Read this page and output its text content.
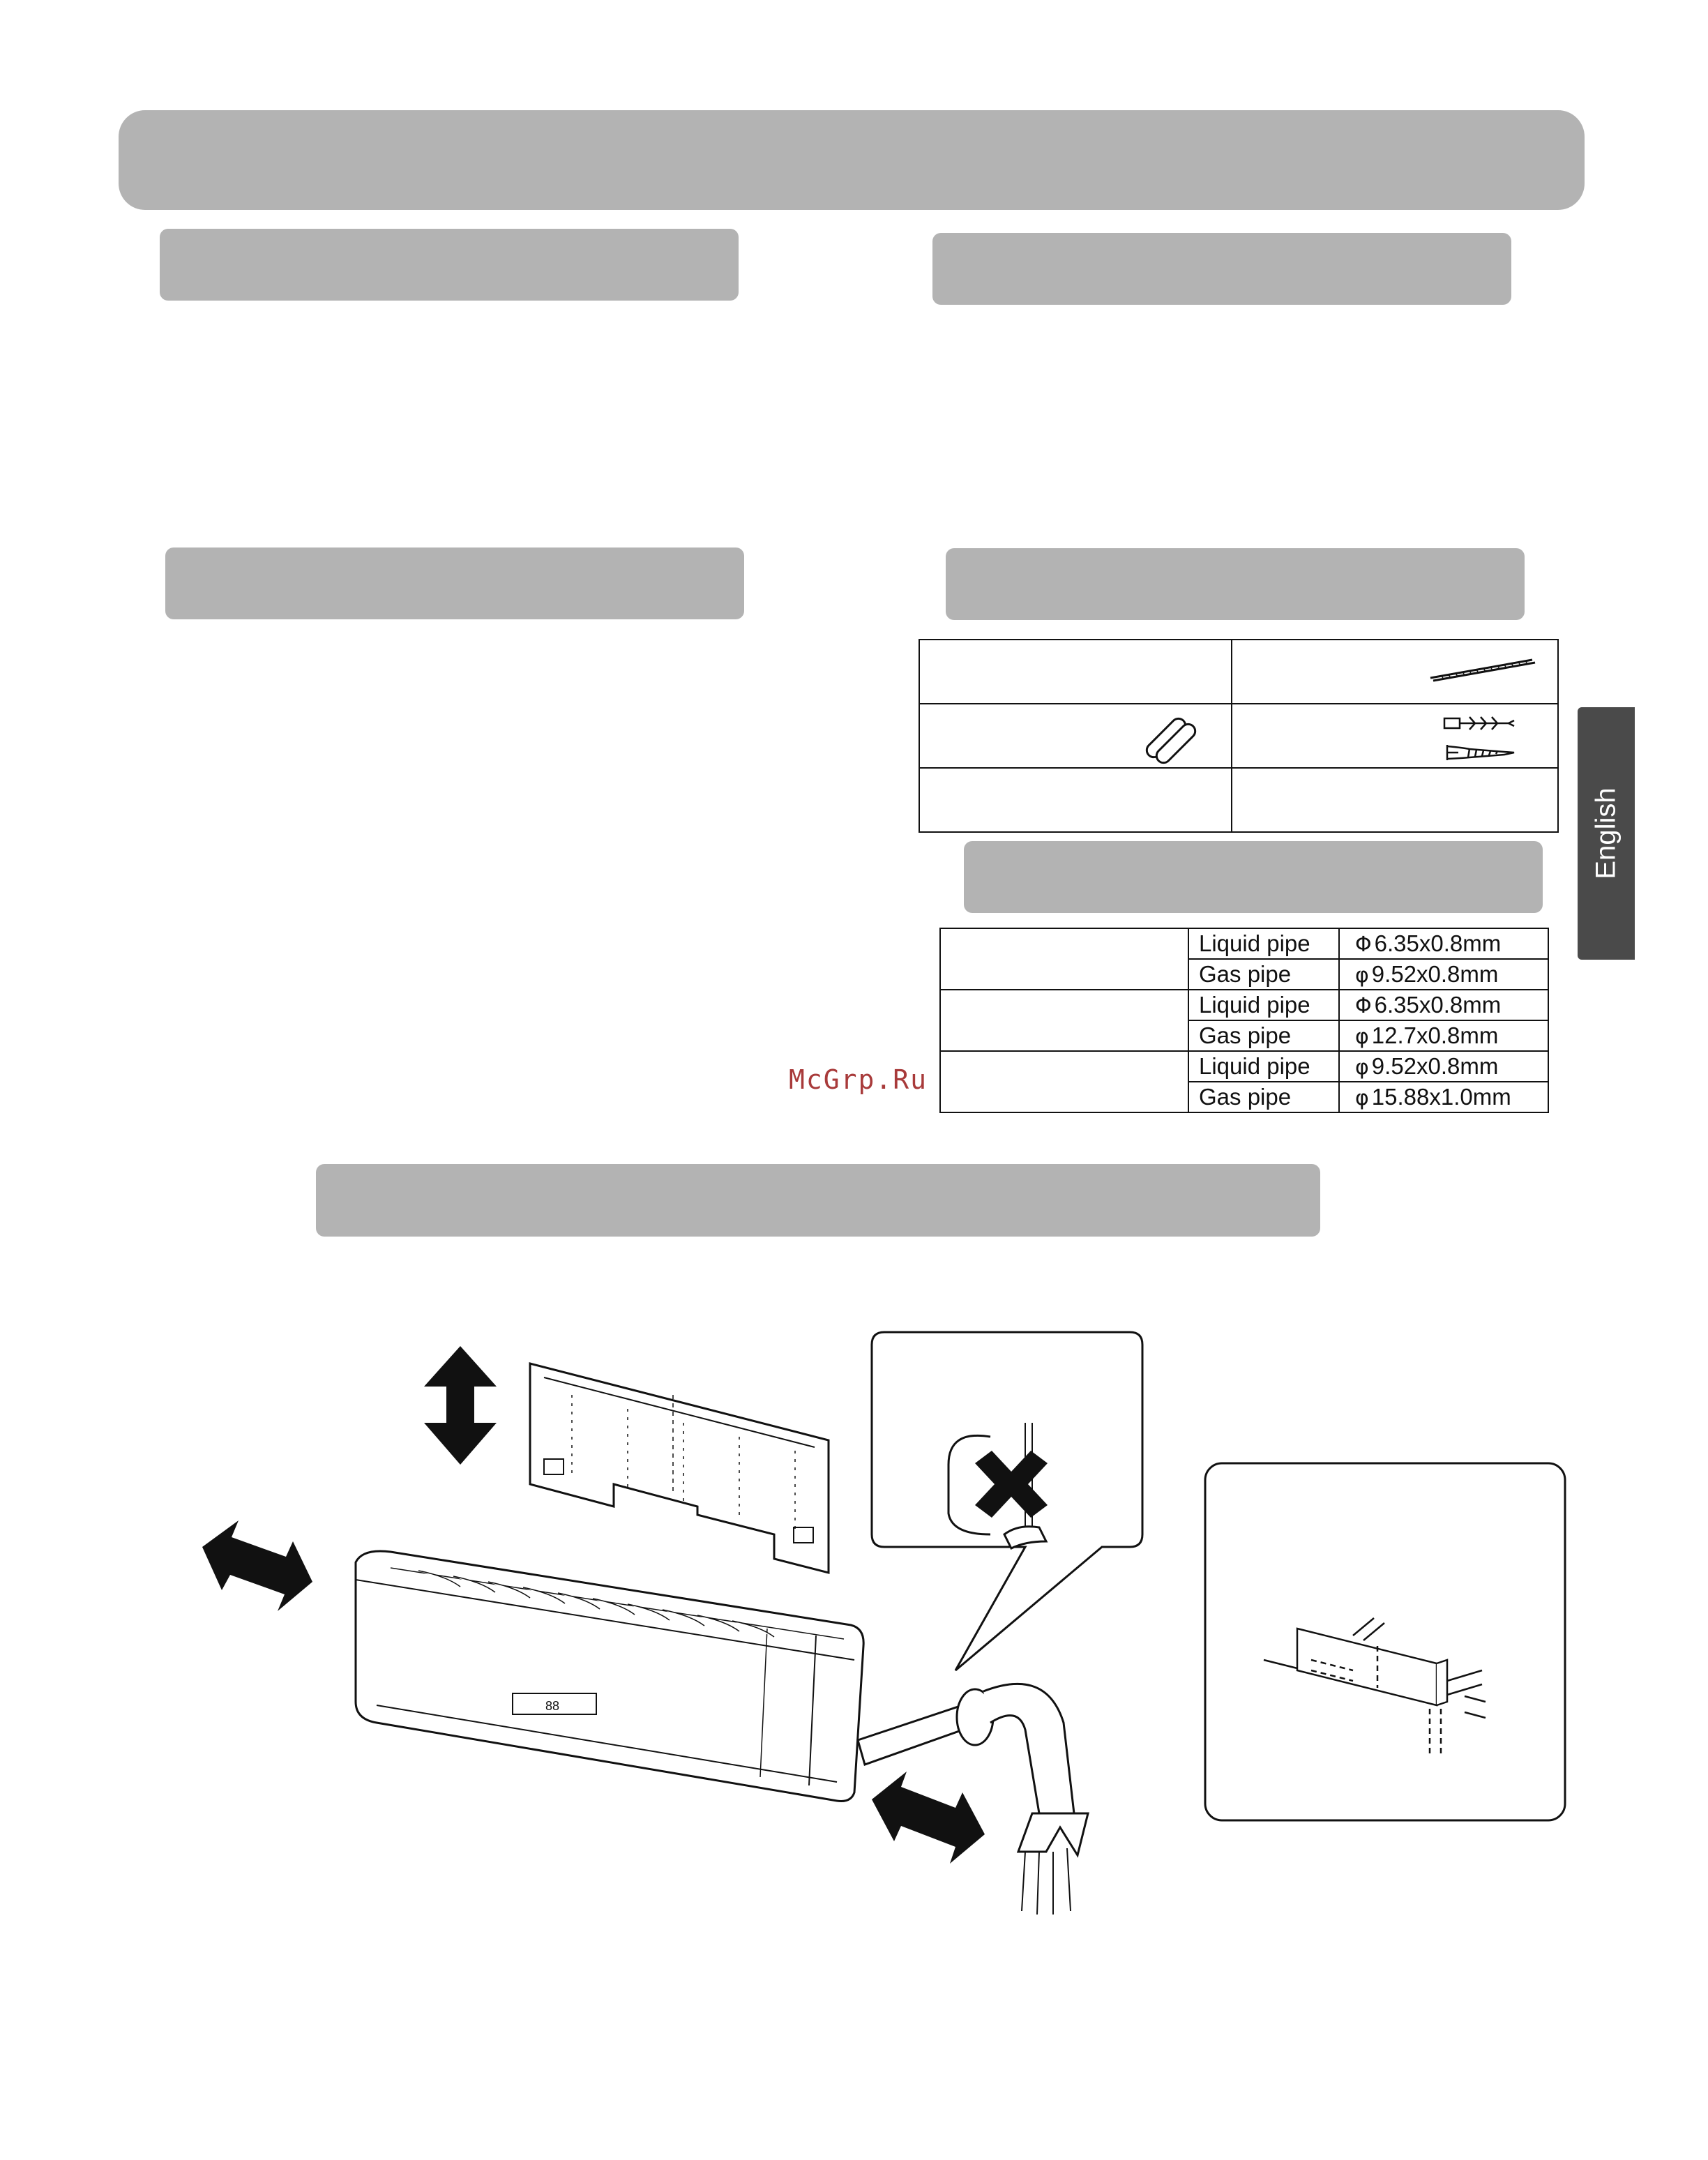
English

	Liquid pipe	Φ 6.35x0.8mm
	Gas pipe	φ 9.52x0.8mm
	Liquid pipe	Φ 6.35x0.8mm
	Gas pipe	φ 12.7x0.8mm
	Liquid pipe	φ 9.52x0.8mm
	Gas pipe	φ 15.88x1.0mm
McGrp.Ru
88
